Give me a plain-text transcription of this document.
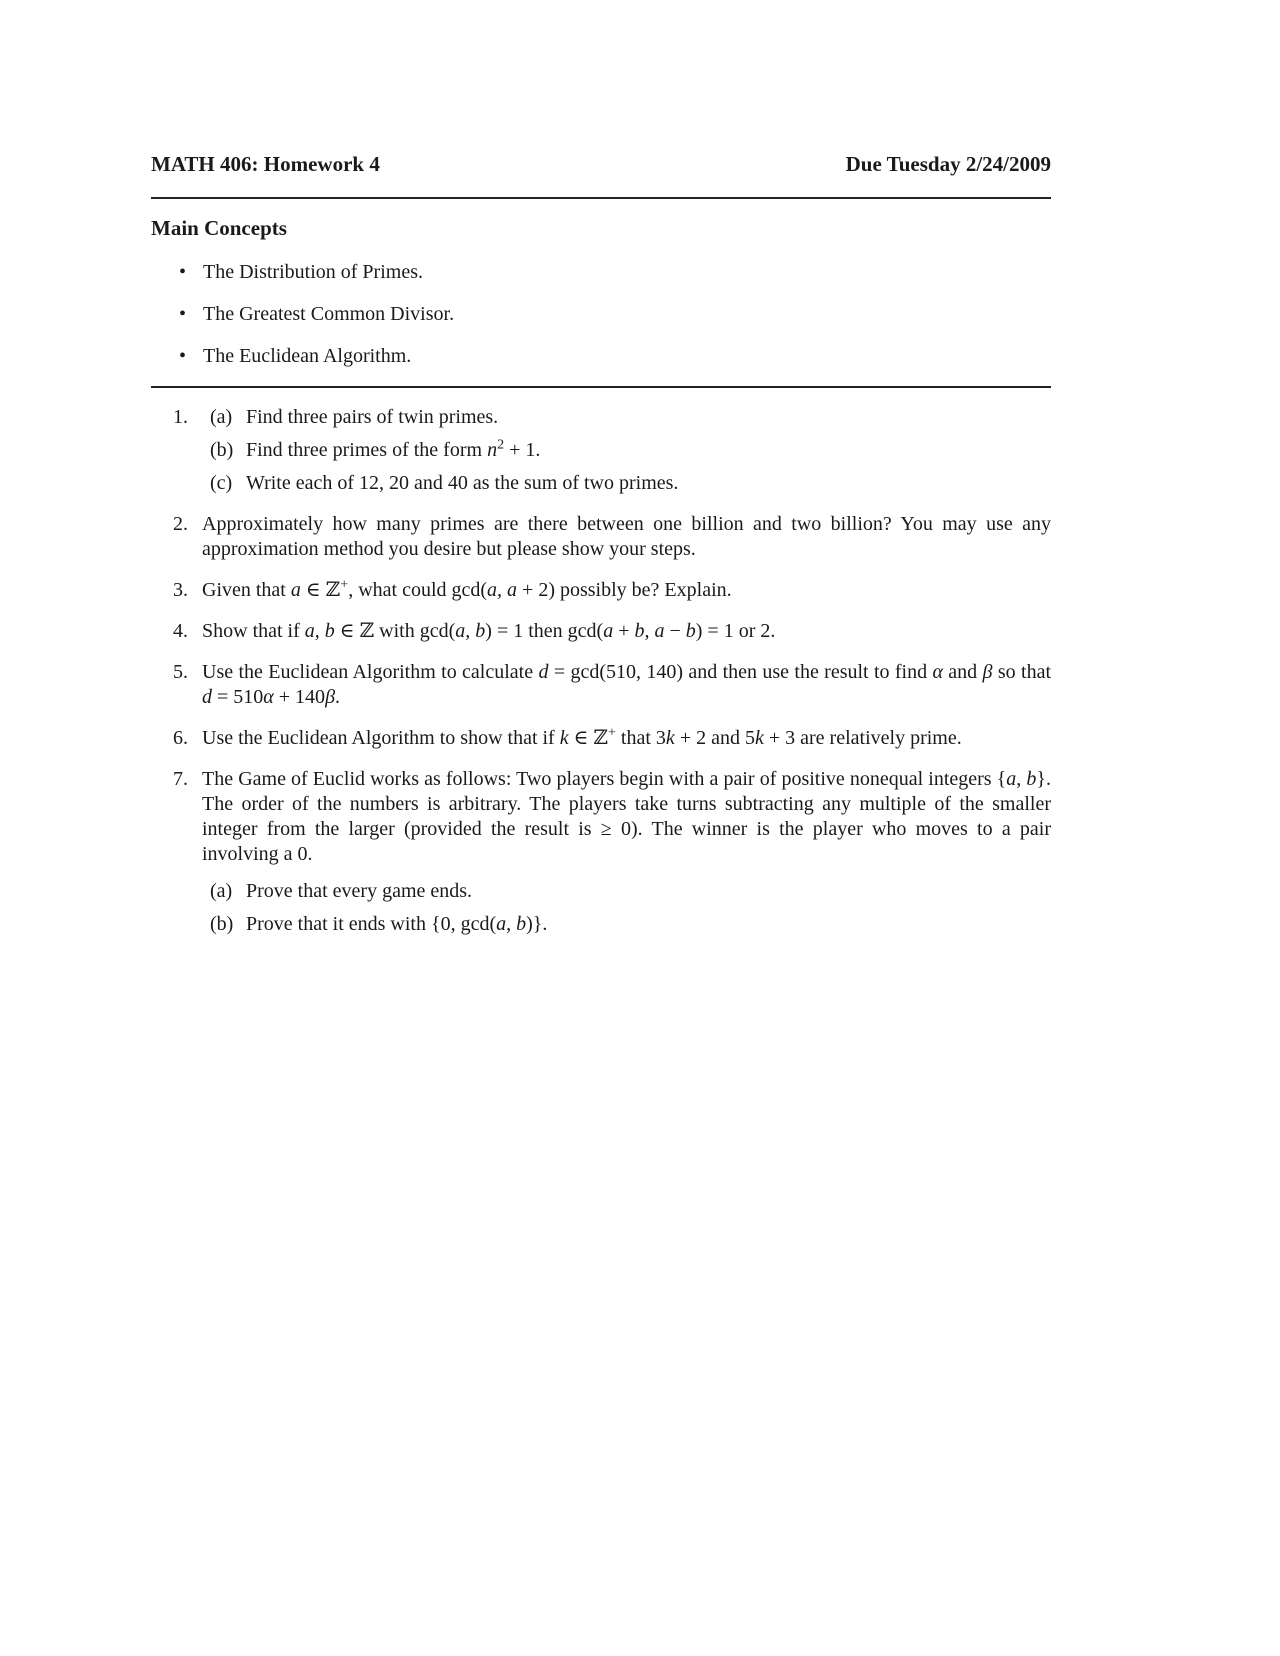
MATH 406: Homework 4	Due Tuesday 2/24/2009
Main Concepts
• The Distribution of Primes.
• The Greatest Common Divisor.
• The Euclidean Algorithm.
1. (a) Find three pairs of twin primes.
(b) Find three primes of the form $n^2 + 1$.
(c) Write each of 12, 20 and 40 as the sum of two primes.
2. Approximately how many primes are there between one billion and two billion? You may use any approximation method you desire but please show your steps.
3. Given that a ∈ ℤ+, what could gcd(a, a + 2) possibly be? Explain.
4. Show that if a, b ∈ ℤ with gcd(a, b) = 1 then gcd(a + b, a − b) = 1 or 2.
5. Use the Euclidean Algorithm to calculate d = gcd(510, 140) and then use the result to find α and β so that d = 510α + 140β.
6. Use the Euclidean Algorithm to show that if k ∈ ℤ+ that 3k + 2 and 5k + 3 are relatively prime.
7. The Game of Euclid works as follows: Two players begin with a pair of positive nonequal integers {a, b}. The order of the numbers is arbitrary. The players take turns subtracting any multiple of the smaller integer from the larger (provided the result is ≥ 0). The winner is the player who moves to a pair involving a 0.
(a) Prove that every game ends.
(b) Prove that it ends with {0, gcd(a, b)}.
